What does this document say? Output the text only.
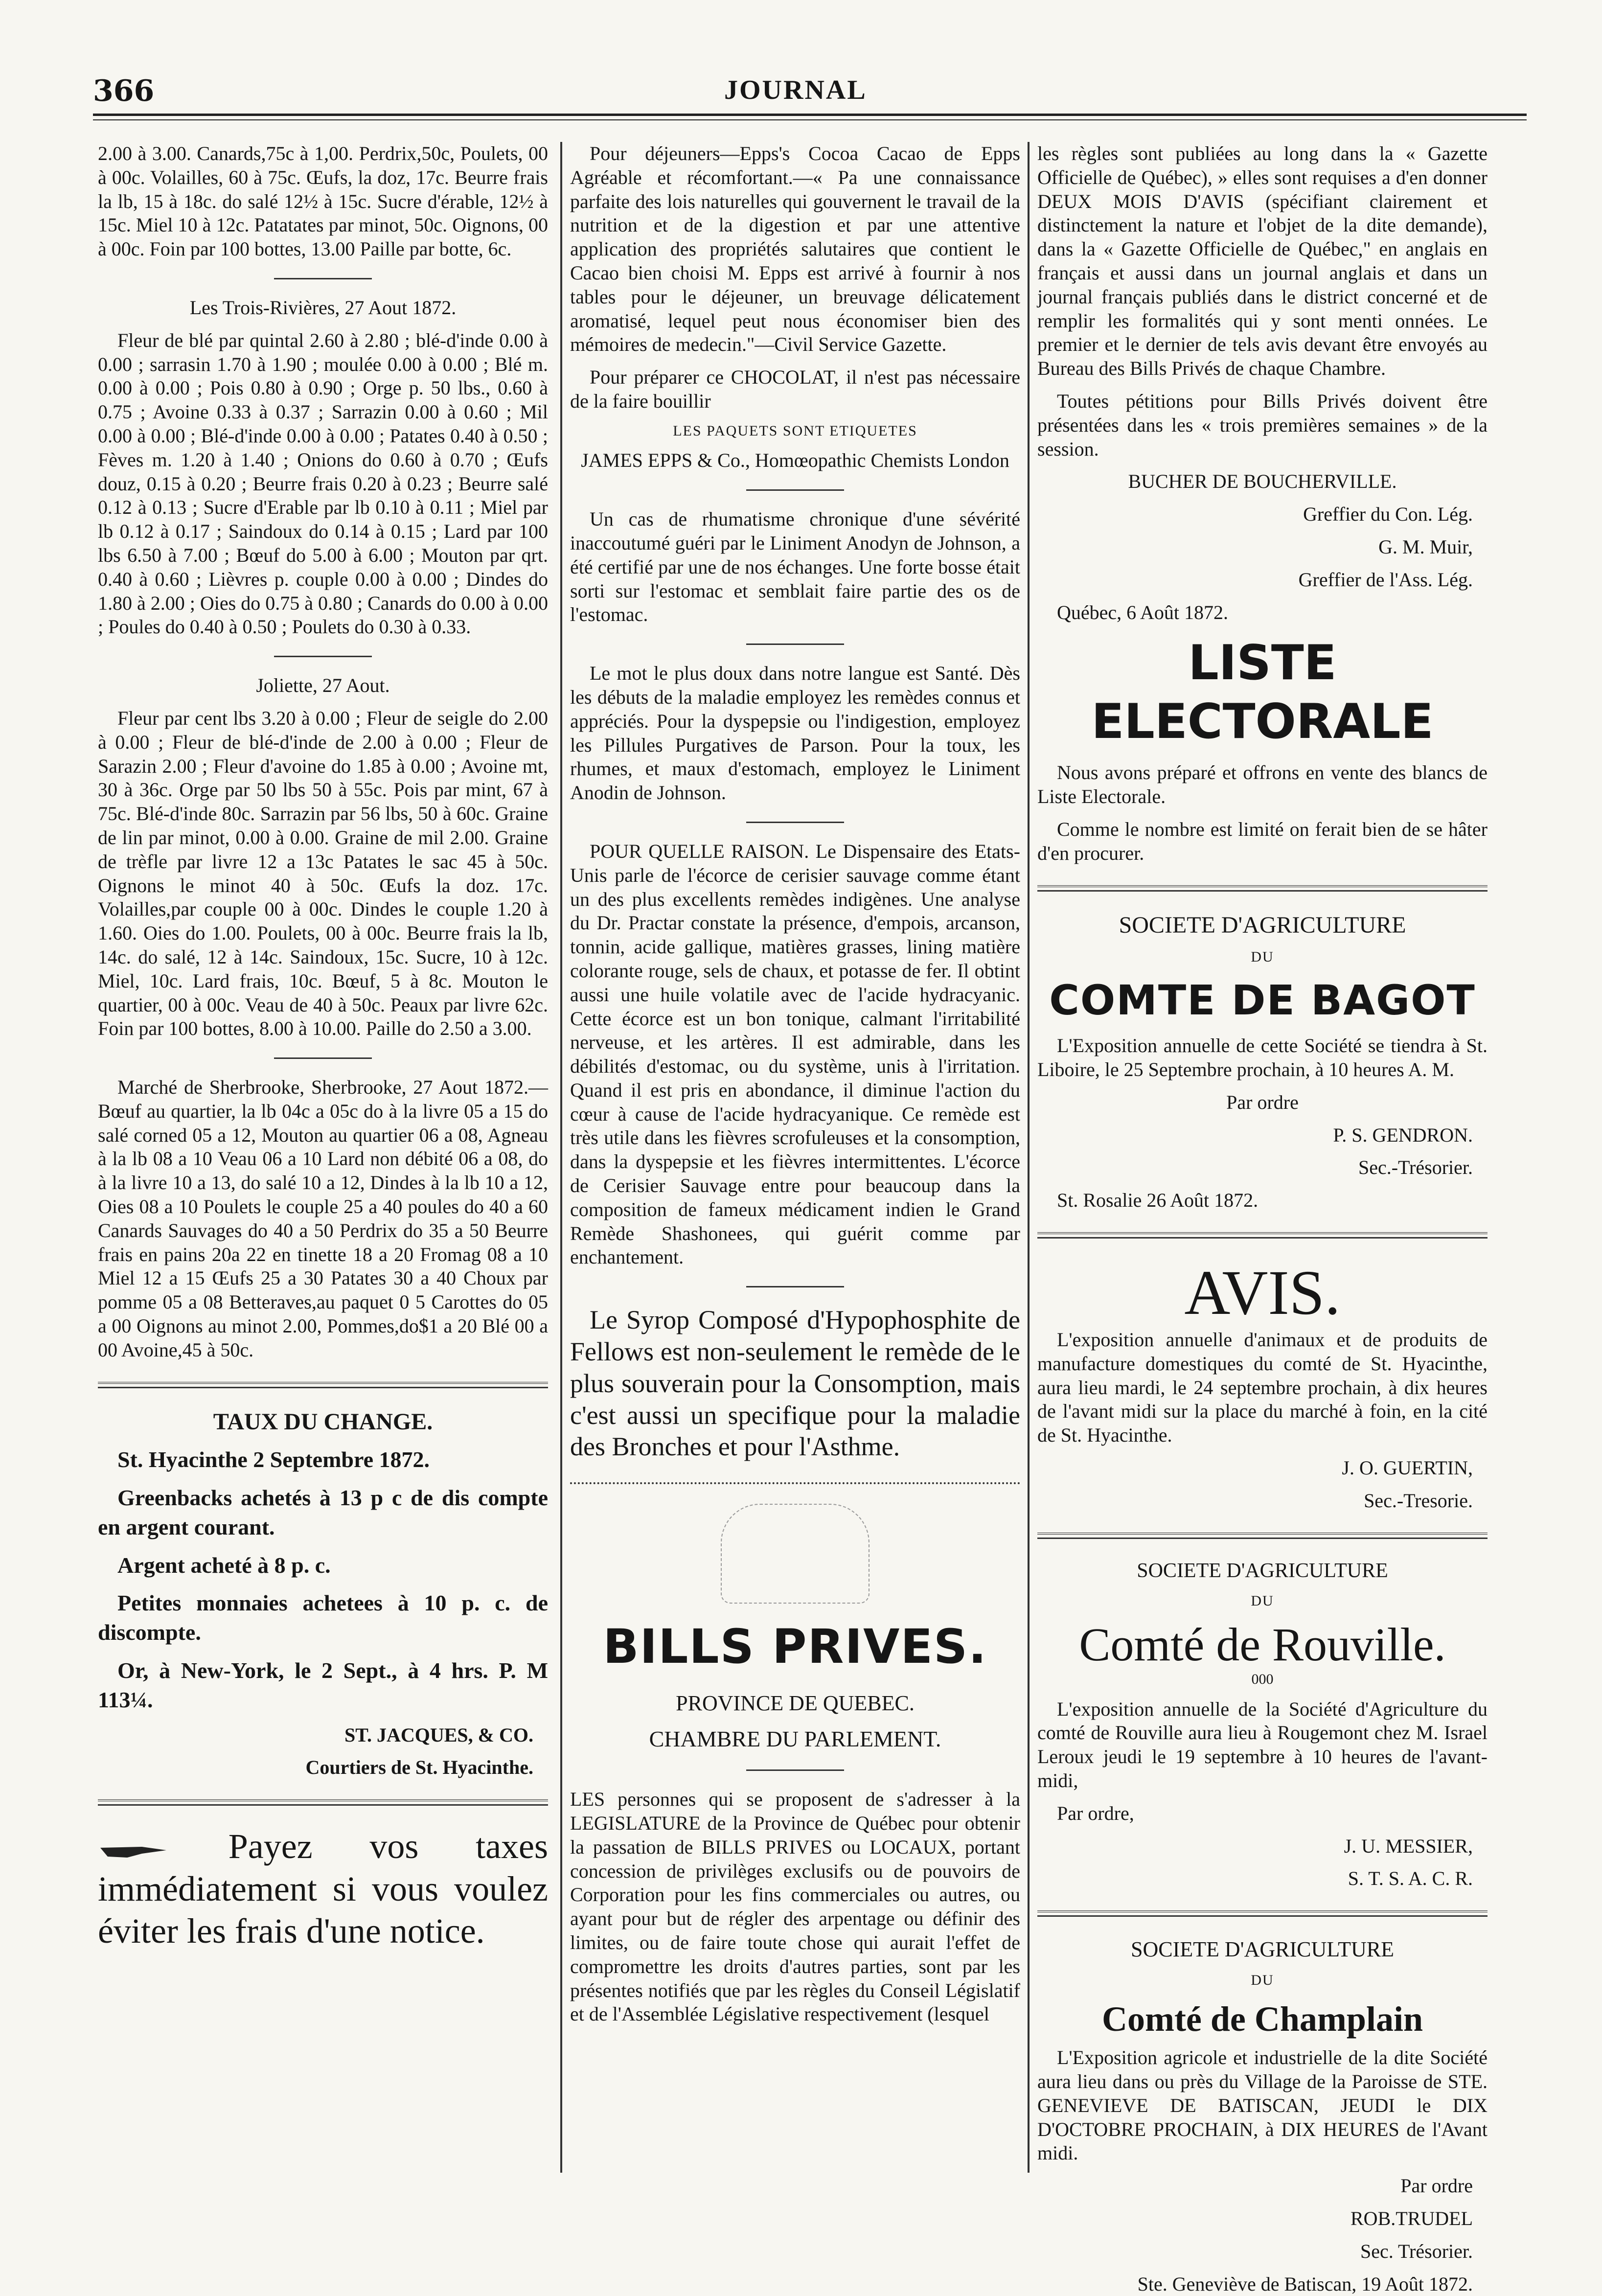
366	JOURNAL

2.00 à 3.00. Canards,75c à 1,00. Perdrix,50c, Poulets, 00 à 00c. Volailles, 60 à 75c. Œufs, la doz, 17c. Beurre frais la lb, 15 à 18c. do salé 12½ à 15c. Sucre d'érable, 12½ à 15c. Miel 10 à 12c. Patatates par minot, 50c. Oignons, 00 à 00c. Foin par 100 bottes, 13.00 Paille par botte, 6c.

Les Trois-Rivières, 27 Aout 1872.

Fleur de blé par quintal 2.60 à 2.80 ; blé-d'inde 0.00 à 0.00 ; sarrasin 1.70 à 1.90 ; moulée 0.00 à 0.00 ; Blé m. 0.00 à 0.00 ; Pois 0.80 à 0.90 ; Orge p. 50 lbs., 0.60 à 0.75 ; Avoine 0.33 à 0.37 ; Sarrazin 0.00 à 0.60 ; Mil 0.00 à 0.00 ; Blé-d'inde 0.00 à 0.00 ; Patates 0.40 à 0.50 ; Fèves m. 1.20 à 1.40 ; Onions do 0.60 à 0.70 ; Œufs douz, 0.15 à 0.20 ; Beurre frais 0.20 à 0.23 ; Beurre salé 0.12 à 0.13 ; Sucre d'Erable par lb 0.10 à 0.11 ; Miel par lb 0.12 à 0.17 ; Saindoux do 0.14 à 0.15 ; Lard par 100 lbs 6.50 à 7.00 ; Bœuf do 5.00 à 6.00 ; Mouton par qrt. 0.40 à 0.60 ; Lièvres p. couple 0.00 à 0.00 ; Dindes do 1.80 à 2.00 ; Oies do 0.75 à 0.80 ; Canards do 0.00 à 0.00 ; Poules do 0.40 à 0.50 ; Poulets do 0.30 à 0.33.

Joliette, 27 Aout.

Fleur par cent lbs 3.20 à 0.00 ; Fleur de seigle do 2.00 à 0.00 ; Fleur de blé-d'inde de 2.00 à 0.00 ; Fleur de Sarazin 2.00 ; Fleur d'avoine do 1.85 à 0.00 ; Avoine mt, 30 à 36c. Orge par 50 lbs 50 à 55c. Pois par mint, 67 à 75c. Blé-d'inde 80c. Sarrazin par 56 lbs, 50 à 60c. Graine de lin par minot, 0.00 à 0.00. Graine de mil 2.00. Graine de trèfle par livre 12 a 13c Patates le sac 45 à 50c. Oignons le minot 40 à 50c. Œufs la doz. 17c. Volailles,par couple 00 à 00c. Dindes le couple 1.20 à 1.60. Oies do 1.00. Poulets, 00 à 00c. Beurre frais la lb, 14c. do salé, 12 à 14c. Saindoux, 15c. Sucre, 10 à 12c. Miel, 10c. Lard frais, 10c. Bœuf, 5 à 8c. Mouton le quartier, 00 à 00c. Veau de 40 à 50c. Peaux par livre 62c. Foin par 100 bottes, 8.00 à 10.00. Paille do 2.50 a 3.00.

Marché de Sherbrooke, Sherbrooke, 27 Aout 1872.—Bœuf au quartier, la lb 04c a 05c do à la livre 05 a 15 do salé corned 05 a 12, Mouton au quartier 06 a 08, Agneau à la lb 08 a 10 Veau 06 a 10 Lard non débité 06 a 08, do à la livre 10 a 13, do salé 10 a 12, Dindes à la lb 10 a 12, Oies 08 a 10 Poulets le couple 25 a 40 poules do 40 a 60 Canards Sauvages do 40 a 50 Perdrix do 35 a 50 Beurre frais en pains 20a 22 en tinette 18 a 20 Fromag 08 a 10 Miel 12 a 15 Œufs 25 a 30 Patates 30 a 40 Choux par pomme 05 a 08 Betteraves,au paquet 0 5 Carottes do 05 a 00 Oignons au minot 2.00, Pommes,do$1 a 20 Blé 00 a 00 Avoine,45 à 50c.

TAUX DU CHANGE.

St. Hyacinthe 2 Septembre 1872.

Greenbacks achetés à 13 p c de dis compte en argent courant.

Argent acheté à 8 p. c.

Petites monnaies achetees à 10 p. c. de discompte.

Or, à New-York, le 2 Sept., à 4 hrs. P. M 113¼.

ST. JACQUES, & CO.

Courtiers de St. Hyacinthe.

Payez vos taxes immédiatement si vous voulez éviter les frais d'une notice.

Pour déjeuners—Epps's Cocoa Cacao de Epps Agréable et récomfortant.—« Pa une connaissance parfaite des lois naturelles qui gouvernent le travail de la nutrition et de la digestion et par une attentive application des propriétés salutaires que contient le Cacao bien choisi M. Epps est arrivé à fournir à nos tables pour le déjeuner, un breuvage délicatement aromatisé, lequel peut nous économiser bien des mémoires de medecin."—Civil Service Gazette.

Pour préparer ce CHOCOLAT, il n'est pas nécessaire de la faire bouillir

LES PAQUETS SONT ETIQUETES

JAMES EPPS & Co., Homœopathic Chemists London

Un cas de rhumatisme chronique d'une sévérité inaccoutumé guéri par le Liniment Anodyn de Johnson, a été certifié par une de nos échanges. Une forte bosse était sorti sur l'estomac et semblait faire partie des os de l'estomac.

Le mot le plus doux dans notre langue est Santé. Dès les débuts de la maladie employez les remèdes connus et appréciés. Pour la dyspepsie ou l'indigestion, employez les Pillules Purgatives de Parson. Pour la toux, les rhumes, et maux d'estomach, employez le Liniment Anodin de Johnson.

POUR QUELLE RAISON. Le Dispensaire des Etats-Unis parle de l'écorce de cerisier sauvage comme étant un des plus excellents remèdes indigènes. Une analyse du Dr. Practar constate la présence, d'empois, arcanson, tonnin, acide gallique, matières grasses, lining matière colorante rouge, sels de chaux, et potasse de fer. Il obtint aussi une huile volatile avec de l'acide hydracyanic. Cette écorce est un bon tonique, calmant l'irritabilité nerveuse, et les artères. Il est admirable, dans les débilités d'estomac, ou du système, unis à l'irritation. Quand il est pris en abondance, il diminue l'action du cœur à cause de l'acide hydracyanique. Ce remède est très utile dans les fièvres scrofuleuses et la consomption, dans la dyspepsie et les fièvres intermittentes. L'écorce de Cerisier Sauvage entre pour beaucoup dans la composition de fameux médicament indien le Grand Remède Shashonees, qui guérit comme par enchantement.

Le Syrop Composé d'Hypophosphite de Fellows est non-seulement le remède de le plus souverain pour la Consomption, mais c'est aussi un specifique pour la maladie des Bronches et pour l'Asthme.

BILLS PRIVES.

PROVINCE DE QUEBEC.

CHAMBRE DU PARLEMENT.

LES personnes qui se proposent de s'adresser à la LEGISLATURE de la Province de Québec pour obtenir la passation de BILLS PRIVES ou LOCAUX, portant concession de privilèges exclusifs ou de pouvoirs de Corporation pour les fins commerciales ou autres, ou ayant pour but de régler des arpentage ou définir des limites, ou de faire toute chose qui aurait l'effet de compromettre les droits d'autres parties, sont par les présentes notifiés que par les règles du Conseil Législatif et de l'Assemblée Législative respectivement (lesquel

les règles sont publiées au long dans la « Gazette Officielle de Québec), » elles sont requises a d'en donner DEUX MOIS D'AVIS (spécifiant clairement et distinctement la nature et l'objet de la dite demande), dans la « Gazette Officielle de Québec," en anglais en français et aussi dans un journal anglais et dans un journal français publiés dans le district concerné et de remplir les formalités qui y sont menti onnées. Le premier et le dernier de tels avis devant être envoyés au Bureau des Bills Privés de chaque Chambre.

Toutes pétitions pour Bills Privés doivent être présentées dans les « trois premières semaines » de la session.

BUCHER DE BOUCHERVILLE.

Greffier du Con. Lég.

G. M. Muir,

Greffier de l'Ass. Lég.

Québec, 6 Août 1872.

LISTE ELECTORALE

Nous avons préparé et offrons en vente des blancs de Liste Electorale.

Comme le nombre est limité on ferait bien de se hâter d'en procurer.

SOCIETE D'AGRICULTURE

DU

COMTE DE BAGOT

L'Exposition annuelle de cette Société se tiendra à St. Liboire, le 25 Septembre prochain, à 10 heures A. M.

Par ordre

P. S. GENDRON.

Sec.-Trésorier.

St. Rosalie 26 Août 1872.

AVIS.

L'exposition annuelle d'animaux et de produits de manufacture domestiques du comté de St. Hyacinthe, aura lieu mardi, le 24 septembre prochain, à dix heures de l'avant midi sur la place du marché à foin, en la cité de St. Hyacinthe.

J. O. GUERTIN,

Sec.-Tresorie.

SOCIETE D'AGRICULTURE

DU

Comté de Rouville.

000

L'exposition annuelle de la Société d'Agriculture du comté de Rouville aura lieu à Rougemont chez M. Israel Leroux jeudi le 19 septembre à 10 heures de l'avant-midi,

Par ordre,

J. U. MESSIER,

S. T. S. A. C. R.

SOCIETE D'AGRICULTURE

DU

Comté de Champlain

L'Exposition agricole et industrielle de la dite Société aura lieu dans ou près du Village de la Paroisse de STE. GENEVIEVE DE BATISCAN, JEUDI le DIX D'OCTOBRE PROCHAIN, à DIX HEURES de l'Avant midi.

Par ordre

ROB.TRUDEL

Sec. Trésorier.

Ste. Geneviève de Batiscan, 19 Août 1872.
